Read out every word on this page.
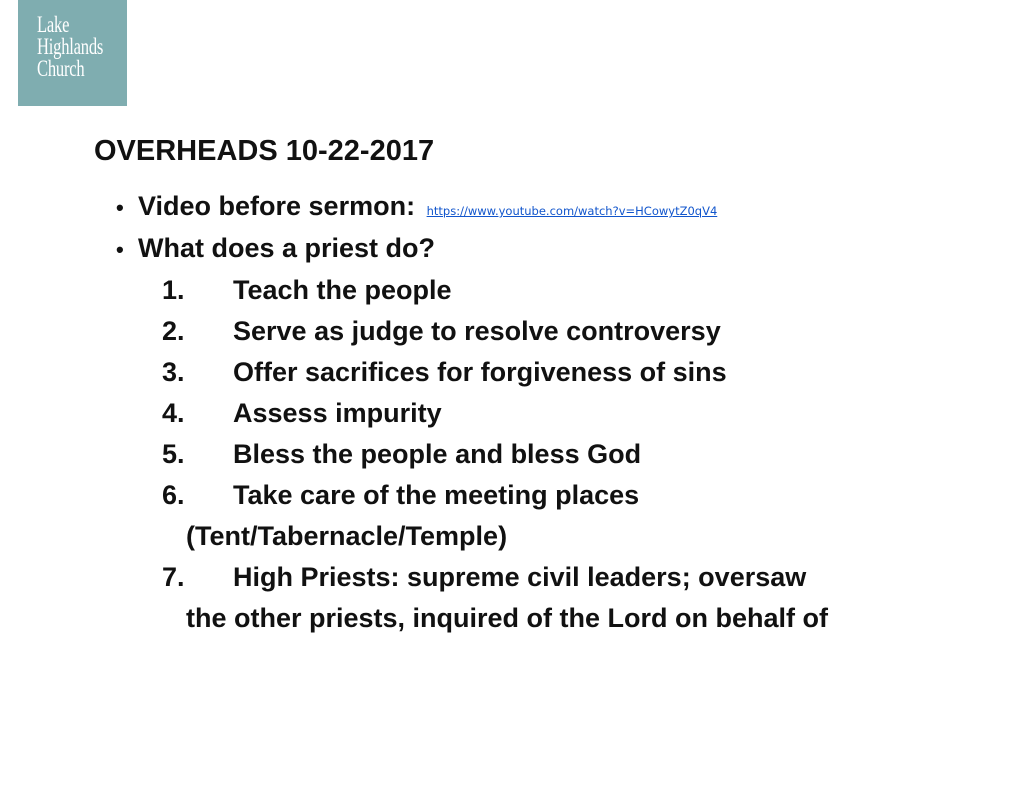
Lake
Highlands
Church
OVERHEADS 10-22-2017
• Video before sermon: https://www.youtube.com/watch?v=HCowytZ0qV4
• What does a priest do?
1. Teach the people
2. Serve as judge to resolve controversy
3. Offer sacrifices for forgiveness of sins
4. Assess impurity
5. Bless the people and bless God
6. Take care of the meeting places
(Tent/Tabernacle/Temple)
7. High Priests: supreme civil leaders; oversaw
the other priests, inquired of the Lord on behalf of
